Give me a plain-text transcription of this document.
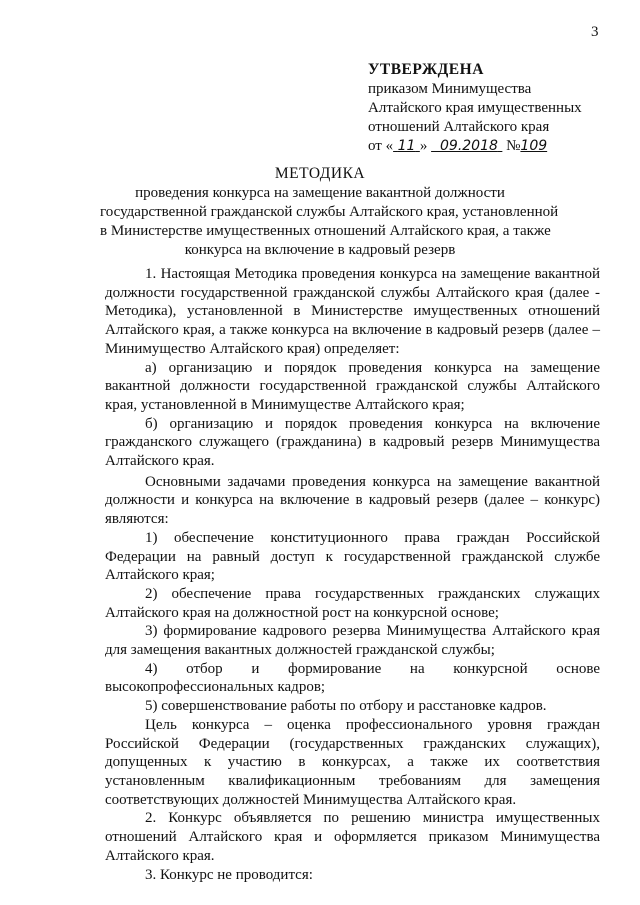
3
УТВЕРЖДЕНА
приказом Минимущества
Алтайского края имущественных
отношений Алтайского края
от « 11 » 09.2018 №109
МЕТОДИКА
проведения конкурса на замещение вакантной должности
государственной гражданской службы Алтайского края, установленной
в Министерстве имущественных отношений Алтайского края, а также
конкурса на включение в кадровый резерв

1. Настоящая Методика проведения конкурса на замещение вакантной должности государственной гражданской службы Алтайского края (далее - Методика), установленной в Министерстве имущественных отношений Алтайского края, а также конкурса на включение в кадровый резерв (далее – Минимущество Алтайского края) определяет:

а) организацию и порядок проведения конкурса на замещение вакантной должности государственной гражданской службы Алтайского края, установленной в Минимуществе Алтайского края;

б) организацию и порядок проведения конкурса на включение гражданского служащего (гражданина) в кадровый резерв Минимущества Алтайского края.

Основными задачами проведения конкурса на замещение вакантной должности и конкурса на включение в кадровый резерв (далее – конкурс) являются:

1) обеспечение конституционного права граждан Российской Федерации на равный доступ к государственной гражданской службе Алтайского края;

2) обеспечение права государственных гражданских служащих Алтайского края на должностной рост на конкурсной основе;

3) формирование кадрового резерва Минимущества Алтайского края для замещения вакантных должностей гражданской службы;

4) отбор и формирование на конкурсной основе высокопрофессиональных кадров;

5) совершенствование работы по отбору и расстановке кадров.

Цель конкурса – оценка профессионального уровня граждан Российской Федерации (государственных гражданских служащих), допущенных к участию в конкурсах, а также их соответствия установленным квалификационным требованиям для замещения соответствующих должностей Минимущества Алтайского края.

2. Конкурс объявляется по решению министра имущественных отношений Алтайского края и оформляется приказом Минимущества Алтайского края.

3. Конкурс не проводится:
